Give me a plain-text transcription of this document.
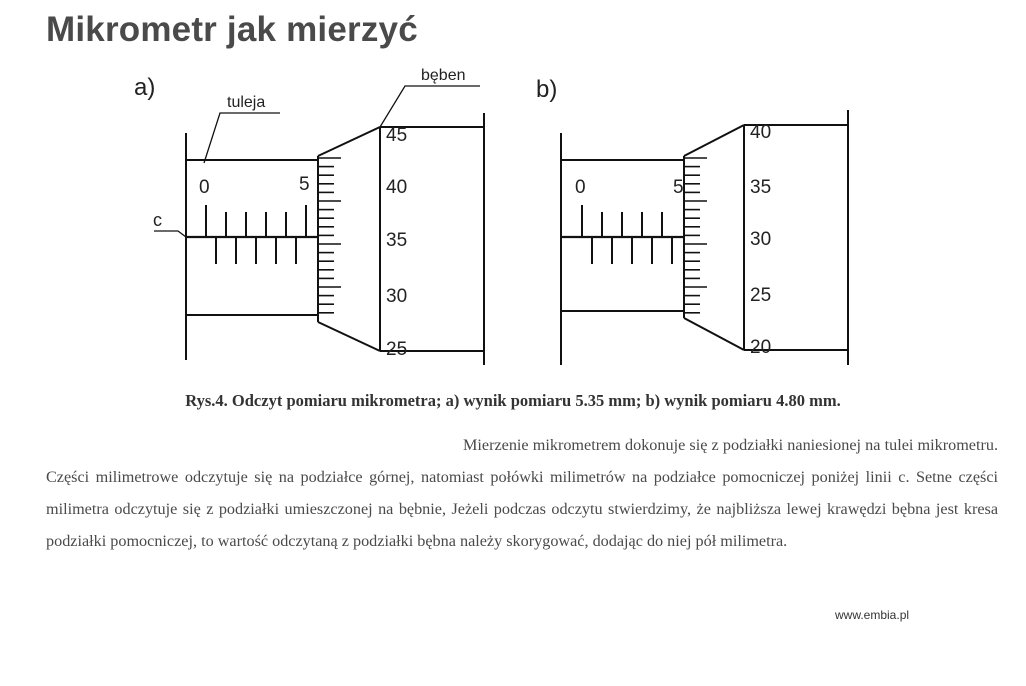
Mikrometr jak mierzyć
a)
tuleja
bęben
c
0	5
45
40
35
30
25
b)
0	5
40
35
30
25
20
Rys.4. Odczyt pomiaru mikrometra; a) wynik pomiaru 5.35 mm; b) wynik pomiaru 4.80 mm.

Mierzenie mikrometrem dokonuje się z podziałki naniesionej na tulei mikrometru. Części milimetrowe odczytuje się na podziałce górnej, natomiast połówki milimetrów na podziałce pomocniczej poniżej linii c. Setne części milimetra odczytuje się z podziałki umieszczonej na bębnie, Jeżeli podczas odczytu stwierdzimy, że najbliższa lewej krawędzi bębna jest kresa podziałki pomocniczej, to wartość odczytaną z podziałki bębna należy skorygować, dodając do niej pół milimetra.

www.embia.pl
